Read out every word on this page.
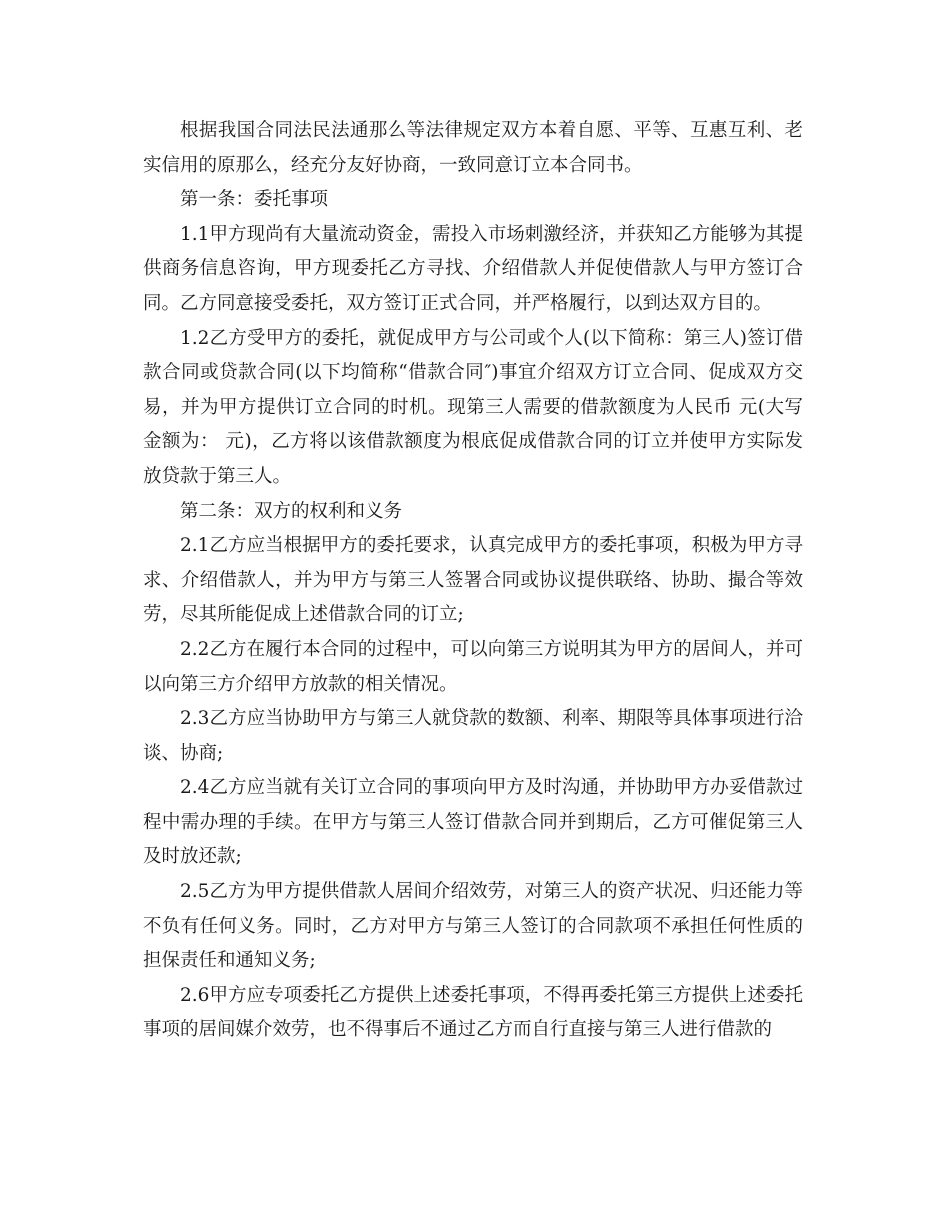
根据我国合同法民法通那么等法律规定双方本着自愿、平等、互惠互利、老实信用的原那么，经充分友好协商，一致同意订立本合同书。

第一条：委托事项

1.1甲方现尚有大量流动资金，需投入市场刺激经济，并获知乙方能够为其提供商务信息咨询，甲方现委托乙方寻找、介绍借款人并促使借款人与甲方签订合同。乙方同意接受委托，双方签订正式合同，并严格履行，以到达双方目的。

1.2乙方受甲方的委托，就促成甲方与公司或个人(以下简称：第三人)签订借款合同或贷款合同(以下均简称“借款合同″)事宜介绍双方订立合同、促成双方交易，并为甲方提供订立合同的时机。现第三人需要的借款额度为人民币 元(大写金额为： 元)，乙方将以该借款额度为根底促成借款合同的订立并使甲方实际发放贷款于第三人。

第二条：双方的权利和义务

2.1乙方应当根据甲方的委托要求，认真完成甲方的委托事项，积极为甲方寻求、介绍借款人，并为甲方与第三人签署合同或协议提供联络、协助、撮合等效劳，尽其所能促成上述借款合同的订立;

2.2乙方在履行本合同的过程中，可以向第三方说明其为甲方的居间人，并可以向第三方介绍甲方放款的相关情况。

2.3乙方应当协助甲方与第三人就贷款的数额、利率、期限等具体事项进行洽谈、协商;

2.4乙方应当就有关订立合同的事项向甲方及时沟通，并协助甲方办妥借款过程中需办理的手续。在甲方与第三人签订借款合同并到期后，乙方可催促第三人及时放还款;

2.5乙方为甲方提供借款人居间介绍效劳，对第三人的资产状况、归还能力等不负有任何义务。同时，乙方对甲方与第三人签订的合同款项不承担任何性质的担保责任和通知义务;

2.6甲方应专项委托乙方提供上述委托事项，不得再委托第三方提供上述委托事项的居间媒介效劳，也不得事后不通过乙方而自行直接与第三人进行借款的
